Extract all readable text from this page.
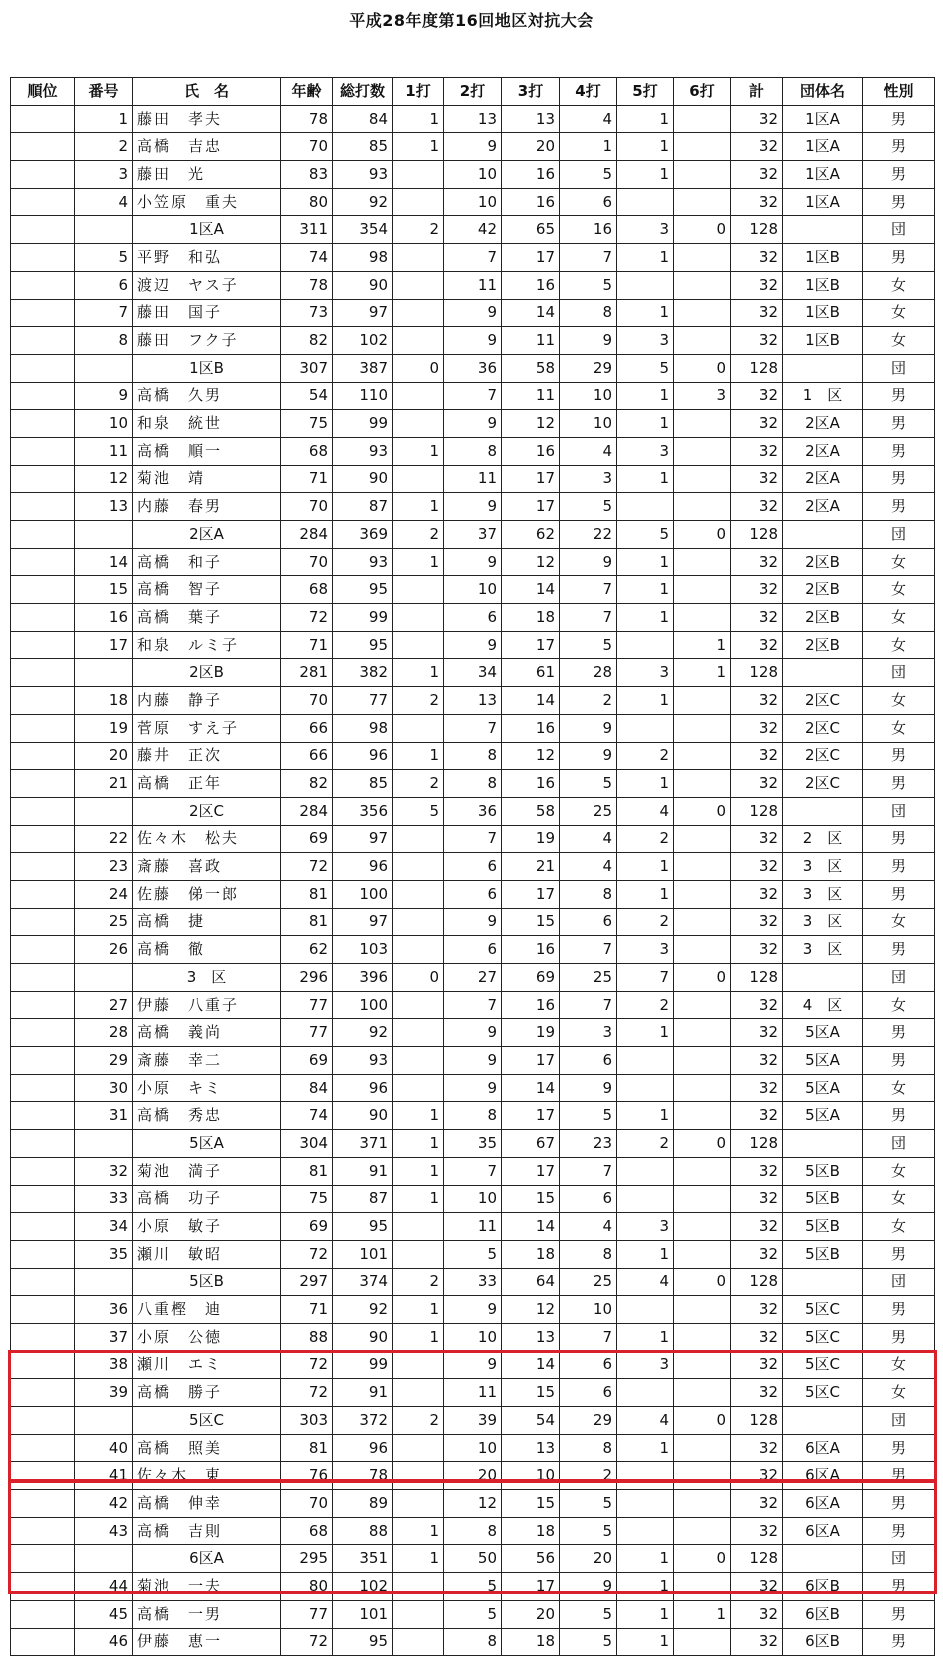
平成28年度第16回地区対抗大会
順位	番号	氏　名	年齢	総打数	1打	2打	3打	4打	5打	6打	計	団体名	性別
	1	藤田　孝夫	78	84	1	13	13	4	1		32	1区A	男
	2	高橋　吉忠	70	85	1	9	20	1	1		32	1区A	男
	3	藤田　光	83	93		10	16	5	1		32	1区A	男
	4	小笠原　重夫	80	92		10	16	6			32	1区A	男
		1区A	311	354	2	42	65	16	3	0	128		団
	5	平野　和弘	74	98		7	17	7	1		32	1区B	男
	6	渡辺　ヤス子	78	90		11	16	5			32	1区B	女
	7	藤田　国子	73	97		9	14	8	1		32	1区B	女
	8	藤田　フク子	82	102		9	11	9	3		32	1区B	女
		1区B	307	387	0	36	58	29	5	0	128		団
	9	高橋　久男	54	110		7	11	10	1	3	32	1　区	男
	10	和泉　統世	75	99		9	12	10	1		32	2区A	男
	11	高橋　順一	68	93	1	8	16	4	3		32	2区A	男
	12	菊池　靖	71	90		11	17	3	1		32	2区A	男
	13	内藤　春男	70	87	1	9	17	5			32	2区A	男
		2区A	284	369	2	37	62	22	5	0	128		団
	14	高橋　和子	70	93	1	9	12	9	1		32	2区B	女
	15	高橋　智子	68	95		10	14	7	1		32	2区B	女
	16	高橋　葉子	72	99		6	18	7	1		32	2区B	女
	17	和泉　ルミ子	71	95		9	17	5		1	32	2区B	女
		2区B	281	382	1	34	61	28	3	1	128		団
	18	内藤　静子	70	77	2	13	14	2	1		32	2区C	女
	19	菅原　すえ子	66	98		7	16	9			32	2区C	女
	20	藤井　正次	66	96	1	8	12	9	2		32	2区C	男
	21	高橋　正年	82	85	2	8	16	5	1		32	2区C	男
		2区C	284	356	5	36	58	25	4	0	128		団
	22	佐々木　松夫	69	97		7	19	4	2		32	2　区	男
	23	斎藤　喜政	72	96		6	21	4	1		32	3　区	男
	24	佐藤　俤一郎	81	100		6	17	8	1		32	3　区	男
	25	高橋　捷	81	97		9	15	6	2		32	3　区	女
	26	高橋　徹	62	103		6	16	7	3		32	3　区	男
		3　区	296	396	0	27	69	25	7	0	128		団
	27	伊藤　八重子	77	100		7	16	7	2		32	4　区	女
	28	高橋　義尚	77	92		9	19	3	1		32	5区A	男
	29	斎藤　幸二	69	93		9	17	6			32	5区A	男
	30	小原　キミ	84	96		9	14	9			32	5区A	女
	31	高橋　秀忠	74	90	1	8	17	5	1		32	5区A	男
		5区A	304	371	1	35	67	23	2	0	128		団
	32	菊池　満子	81	91	1	7	17	7			32	5区B	女
	33	高橋　功子	75	87	1	10	15	6			32	5区B	女
	34	小原　敏子	69	95		11	14	4	3		32	5区B	女
	35	瀬川　敏昭	72	101		5	18	8	1		32	5区B	男
		5区B	297	374	2	33	64	25	4	0	128		団
	36	八重樫　迪	71	92	1	9	12	10			32	5区C	男
	37	小原　公徳	88	90	1	10	13	7	1		32	5区C	男
	38	瀬川　エミ	72	99		9	14	6	3		32	5区C	女
	39	高橋　勝子	72	91		11	15	6			32	5区C	女
		5区C	303	372	2	39	54	29	4	0	128		団
	40	高橋　照美	81	96		10	13	8	1		32	6区A	男
	41	佐々木　東	76	78		20	10	2			32	6区A	男
	42	高橋　伸幸	70	89		12	15	5			32	6区A	男
	43	高橋　吉則	68	88	1	8	18	5			32	6区A	男
		6区A	295	351	1	50	56	20	1	0	128		団
	44	菊池　一夫	80	102		5	17	9	1		32	6区B	男
	45	高橋　一男	77	101		5	20	5	1	1	32	6区B	男
	46	伊藤　恵一	72	95		8	18	5	1		32	6区B	男
